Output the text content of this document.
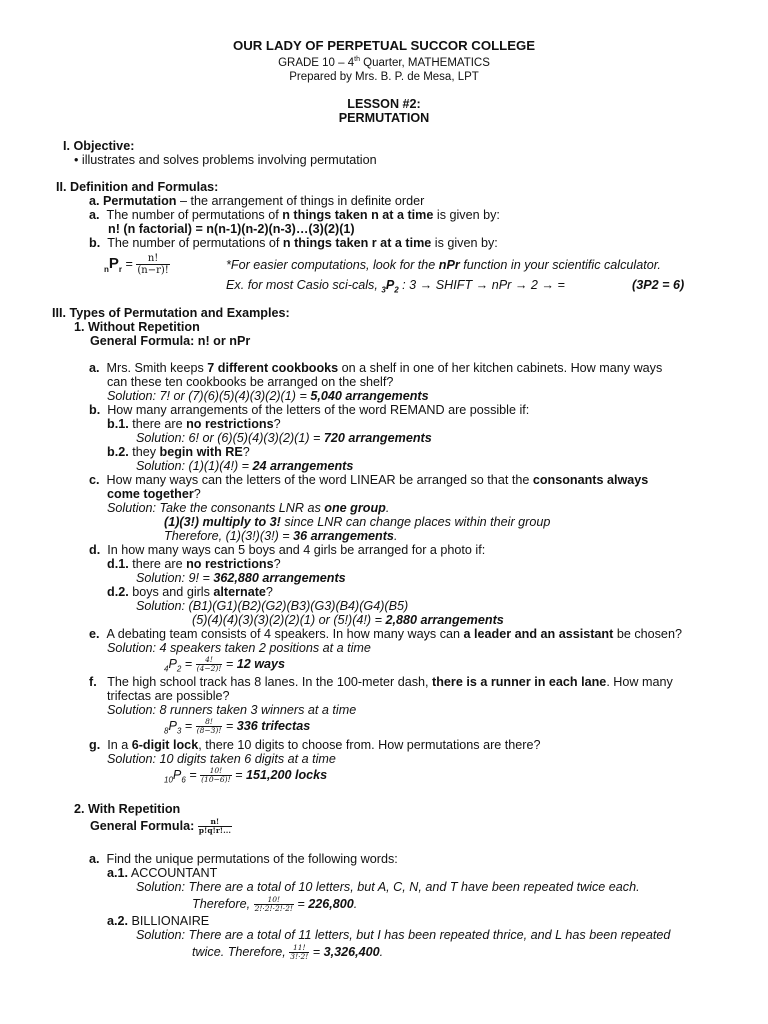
OUR LADY OF PERPETUAL SUCCOR COLLEGE
GRADE 10 – 4th Quarter, MATHEMATICS
Prepared by Mrs. B. P. de Mesa, LPT
LESSON #2:
PERMUTATION
I. Objective:
• illustrates and solves problems involving permutation
II. Definition and Formulas:
a. Permutation – the arrangement of things in definite order
a. The number of permutations of n things taken n at a time is given by:
n! (n factorial) = n(n-1)(n-2)(n-3)…(3)(2)(1)
b. The number of permutations of n things taken r at a time is given by:
$_nP_r = \frac{n!}{(n-r)!}$	*For easier computations, look for the nPr function in your scientific calculator.
Ex. for most Casio sci-cals, $_3P_2$ : 3 → SHIFT → nPr → 2 → =	(3P2 = 6)
III. Types of Permutation and Examples:
1. Without Repetition
General Formula: n! or nPr
a. Mrs. Smith keeps 7 different cookbooks on a shelf in one of her kitchen cabinets. How many ways
can these ten cookbooks be arranged on the shelf?
Solution: 7! or (7)(6)(5)(4)(3)(2)(1) = 5,040 arrangements
b. How many arrangements of the letters of the word REMAND are possible if:
b.1. there are no restrictions?
Solution: 6! or (6)(5)(4)(3)(2)(1) = 720 arrangements
b.2. they begin with RE?
Solution: (1)(1)(4!) = 24 arrangements
c. How many ways can the letters of the word LINEAR be arranged so that the consonants always
come together?
Solution: Take the consonants LNR as one group.
(1)(3!) multiply to 3! since LNR can change places within their group
Therefore, (1)(3!)(3!) = 36 arrangements.
d. In how many ways can 5 boys and 4 girls be arranged for a photo if:
d.1. there are no restrictions?
Solution: 9! = 362,880 arrangements
d.2. boys and girls alternate?
Solution: (B1)(G1)(B2)(G2)(B3)(G3)(B4)(G4)(B5)
(5)(4)(4)(3)(3)(2)(2)(1) or (5!)(4!) = 2,880 arrangements
e. A debating team consists of 4 speakers. In how many ways can a leader and an assistant be chosen?
Solution: 4 speakers taken 2 positions at a time
$_4P_2 = \frac{4!}{(4-2)!} = 12$ ways
f. The high school track has 8 lanes. In the 100-meter dash, there is a runner in each lane. How many
trifectas are possible?
Solution: 8 runners taken 3 winners at a time
$_8P_3 = \frac{8!}{(8-3)!} = 336$ trifectas
g. In a 6-digit lock, there 10 digits to choose from. How permutations are there?
Solution: 10 digits taken 6 digits at a time
$_{10}P_6 = \frac{10!}{(10-6)!} = 151,200$ locks
2. With Repetition
General Formula: $\frac{n!}{p!q!r!...}$
a. Find the unique permutations of the following words:
a.1. ACCOUNTANT
Solution: There are a total of 10 letters, but A, C, N, and T have been repeated twice each.
Therefore, $\frac{10!}{2!\cdot 2!\cdot 2!\cdot 2!} = 226,800$.
a.2. BILLIONAIRE
Solution: There are a total of 11 letters, but I has been repeated thrice, and L has been repeated
twice. Therefore, $\frac{11!}{3!\cdot 2!} = 3,326,400$.
